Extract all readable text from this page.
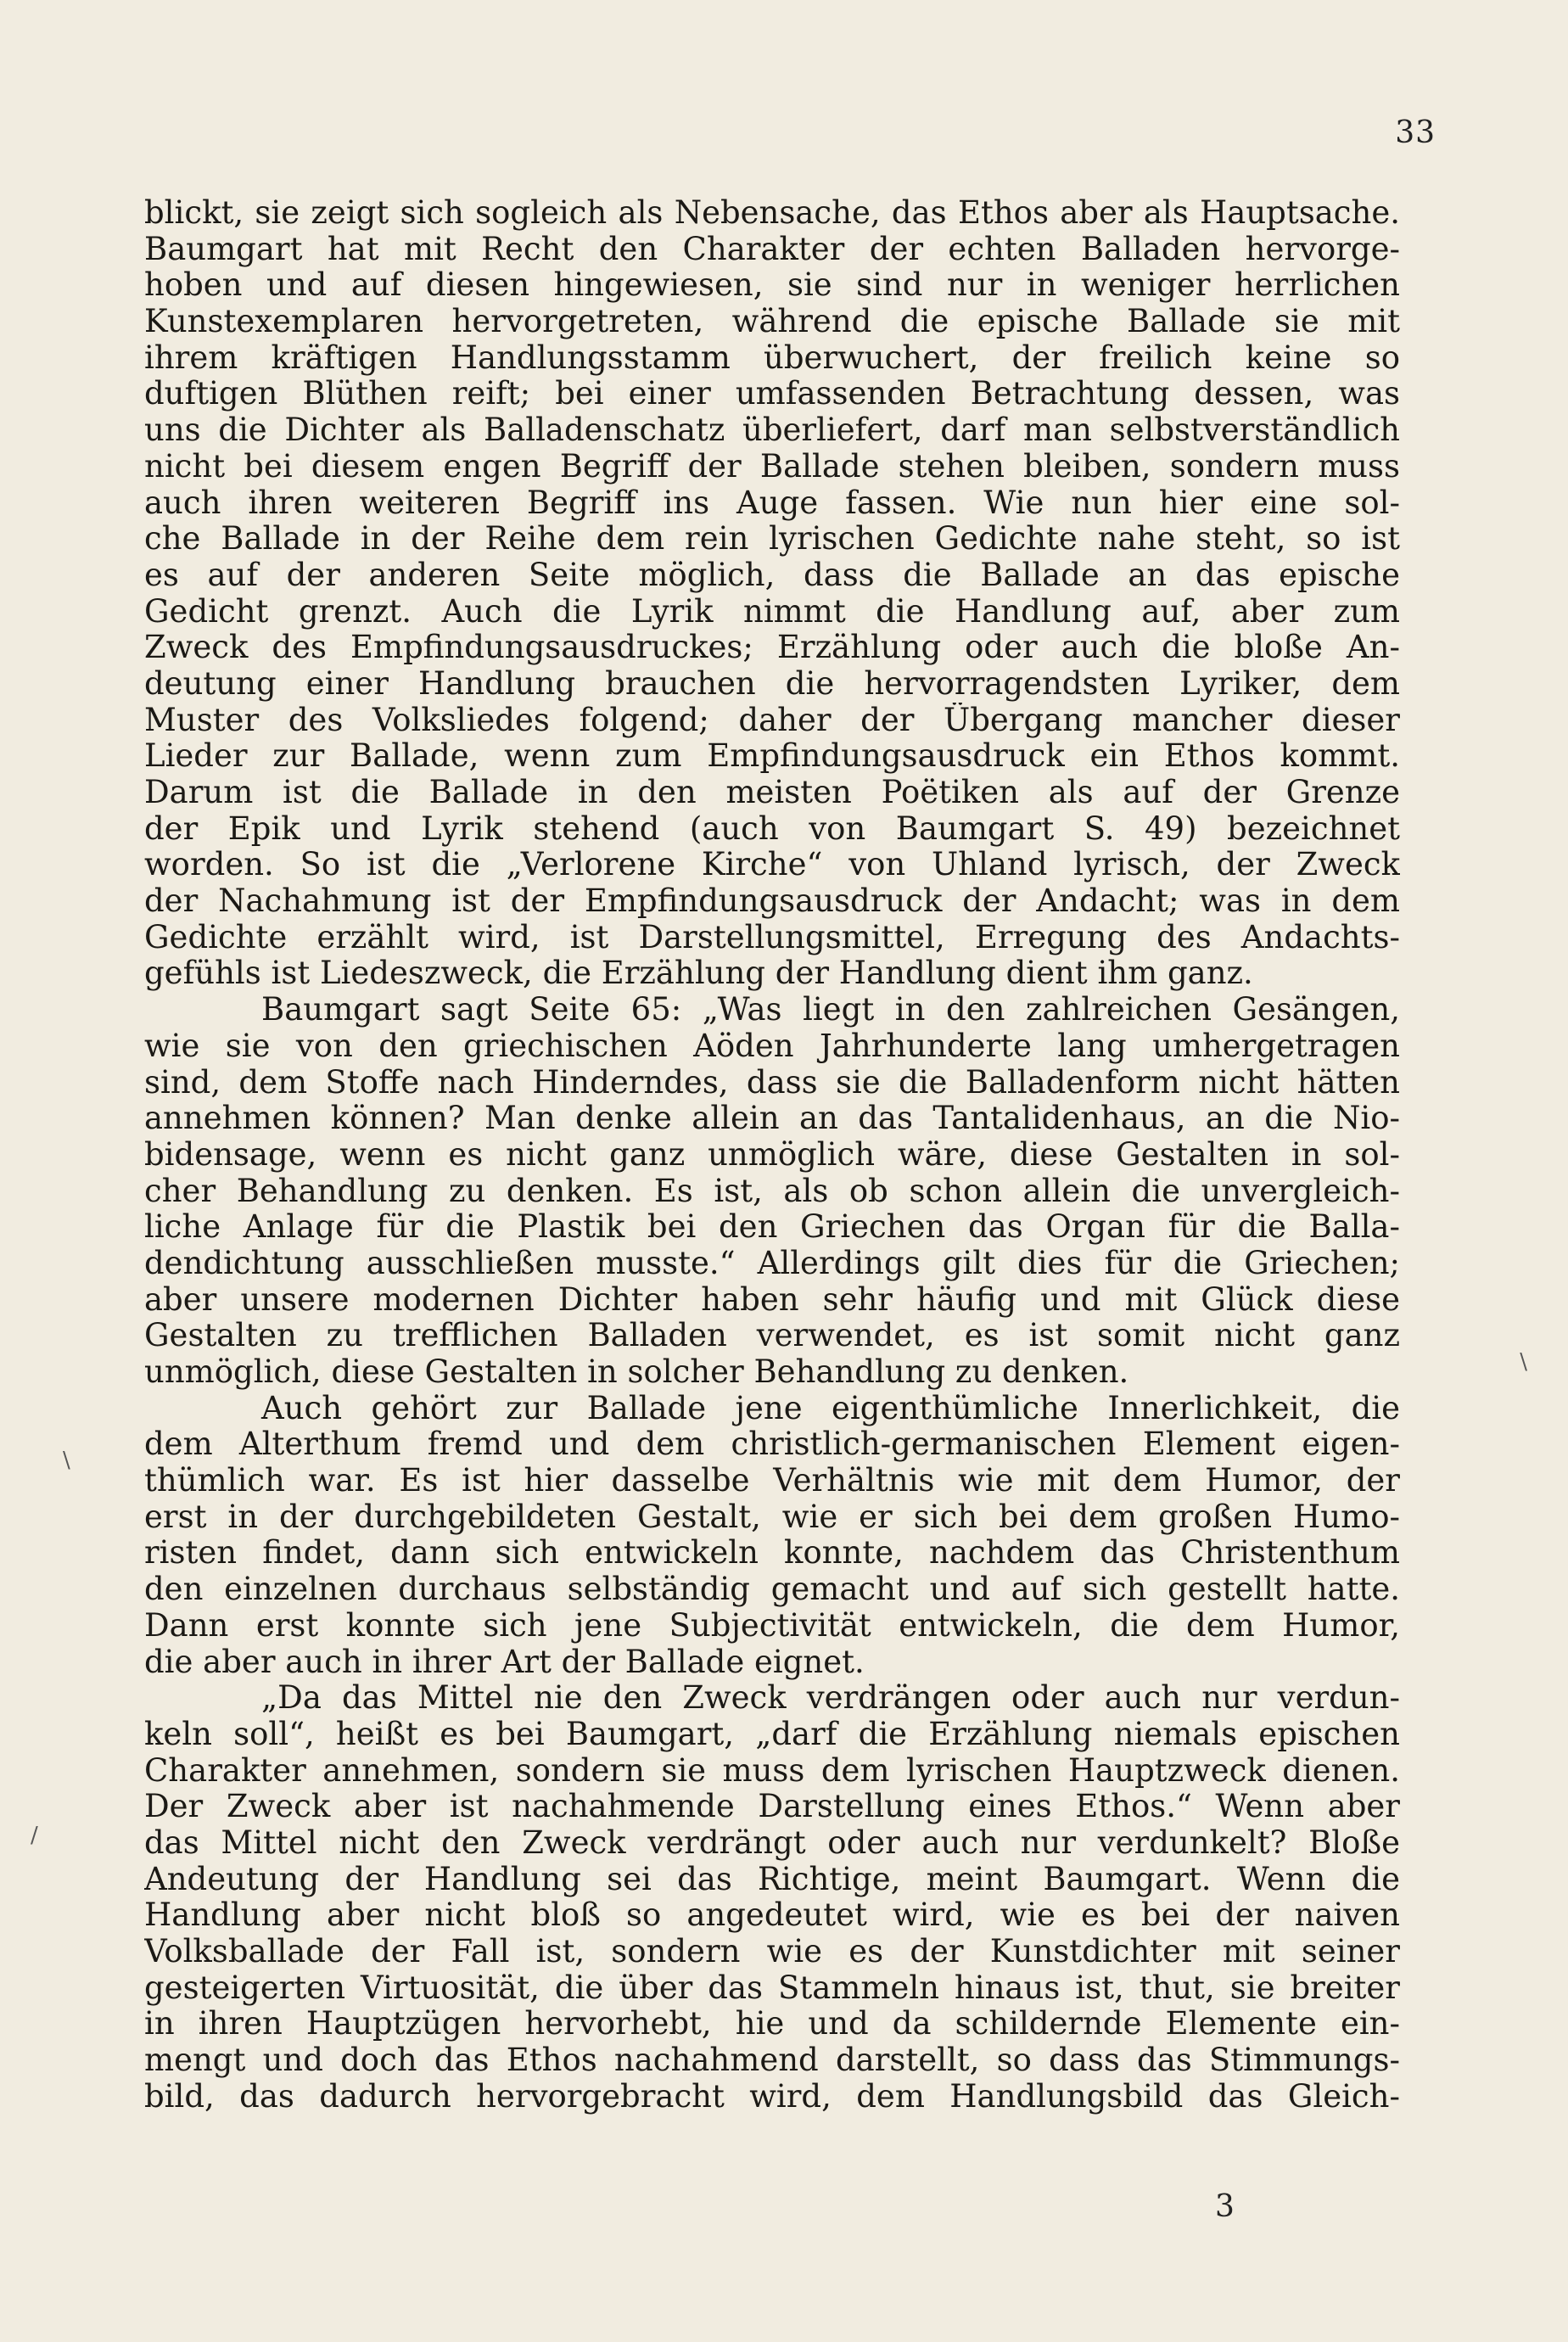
33
blickt, sie zeigt sich sogleich als Nebensache, das Ethos aber als Hauptsache.
Baumgart hat mit Recht den Charakter der echten Balladen hervorge-
hoben und auf diesen hingewiesen, sie sind nur in weniger herrlichen
Kunstexemplaren hervorgetreten, während die epische Ballade sie mit
ihrem kräftigen Handlungsstamm überwuchert, der freilich keine so
duftigen Blüthen reift; bei einer umfassenden Betrachtung dessen, was
uns die Dichter als Balladenschatz überliefert, darf man selbstverständlich
nicht bei diesem engen Begriff der Ballade stehen bleiben, sondern muss
auch ihren weiteren Begriff ins Auge fassen. Wie nun hier eine sol-
che Ballade in der Reihe dem rein lyrischen Gedichte nahe steht, so ist
es auf der anderen Seite möglich, dass die Ballade an das epische
Gedicht grenzt. Auch die Lyrik nimmt die Handlung auf, aber zum
Zweck des Empfindungsausdruckes; Erzählung oder auch die bloße An-
deutung einer Handlung brauchen die hervorragendsten Lyriker, dem
Muster des Volksliedes folgend; daher der Übergang mancher dieser
Lieder zur Ballade, wenn zum Empfindungsausdruck ein Ethos kommt.
Darum ist die Ballade in den meisten Poëtiken als auf der Grenze
der Epik und Lyrik stehend (auch von Baumgart S. 49) bezeichnet
worden. So ist die „Verlorene Kirche“ von Uhland lyrisch, der Zweck
der Nachahmung ist der Empfindungsausdruck der Andacht; was in dem
Gedichte erzählt wird, ist Darstellungsmittel, Erregung des Andachts-
gefühls ist Liedeszweck, die Erzählung der Handlung dient ihm ganz.
Baumgart sagt Seite 65: „Was liegt in den zahlreichen Gesängen,
wie sie von den griechischen Aöden Jahrhunderte lang umhergetragen
sind, dem Stoffe nach Hinderndes, dass sie die Balladenform nicht hätten
annehmen können? Man denke allein an das Tantalidenhaus, an die Nio-
bidensage, wenn es nicht ganz unmöglich wäre, diese Gestalten in sol-
cher Behandlung zu denken. Es ist, als ob schon allein die unvergleich-
liche Anlage für die Plastik bei den Griechen das Organ für die Balla-
dendichtung ausschließen musste.“ Allerdings gilt dies für die Griechen;
aber unsere modernen Dichter haben sehr häufig und mit Glück diese
Gestalten zu trefflichen Balladen verwendet, es ist somit nicht ganz
unmöglich, diese Gestalten in solcher Behandlung zu denken.
Auch gehört zur Ballade jene eigenthümliche Innerlichkeit, die
dem Alterthum fremd und dem christlich-germanischen Element eigen-
thümlich war. Es ist hier dasselbe Verhältnis wie mit dem Humor, der
erst in der durchgebildeten Gestalt, wie er sich bei dem großen Humo-
risten findet, dann sich entwickeln konnte, nachdem das Christenthum
den einzelnen durchaus selbständig gemacht und auf sich gestellt hatte.
Dann erst konnte sich jene Subjectivität entwickeln, die dem Humor,
die aber auch in ihrer Art der Ballade eignet.
„Da das Mittel nie den Zweck verdrängen oder auch nur verdun-
keln soll“, heißt es bei Baumgart, „darf die Erzählung niemals epischen
Charakter annehmen, sondern sie muss dem lyrischen Hauptzweck dienen.
Der Zweck aber ist nachahmende Darstellung eines Ethos.“ Wenn aber
das Mittel nicht den Zweck verdrängt oder auch nur verdunkelt? Bloße
Andeutung der Handlung sei das Richtige, meint Baumgart. Wenn die
Handlung aber nicht bloß so angedeutet wird, wie es bei der naiven
Volksballade der Fall ist, sondern wie es der Kunstdichter mit seiner
gesteigerten Virtuosität, die über das Stammeln hinaus ist, thut, sie breiter
in ihren Hauptzügen hervorhebt, hie und da schildernde Elemente ein-
mengt und doch das Ethos nachahmend darstellt, so dass das Stimmungs-
bild, das dadurch hervorgebracht wird, dem Handlungsbild das Gleich-
3
\
/
\
